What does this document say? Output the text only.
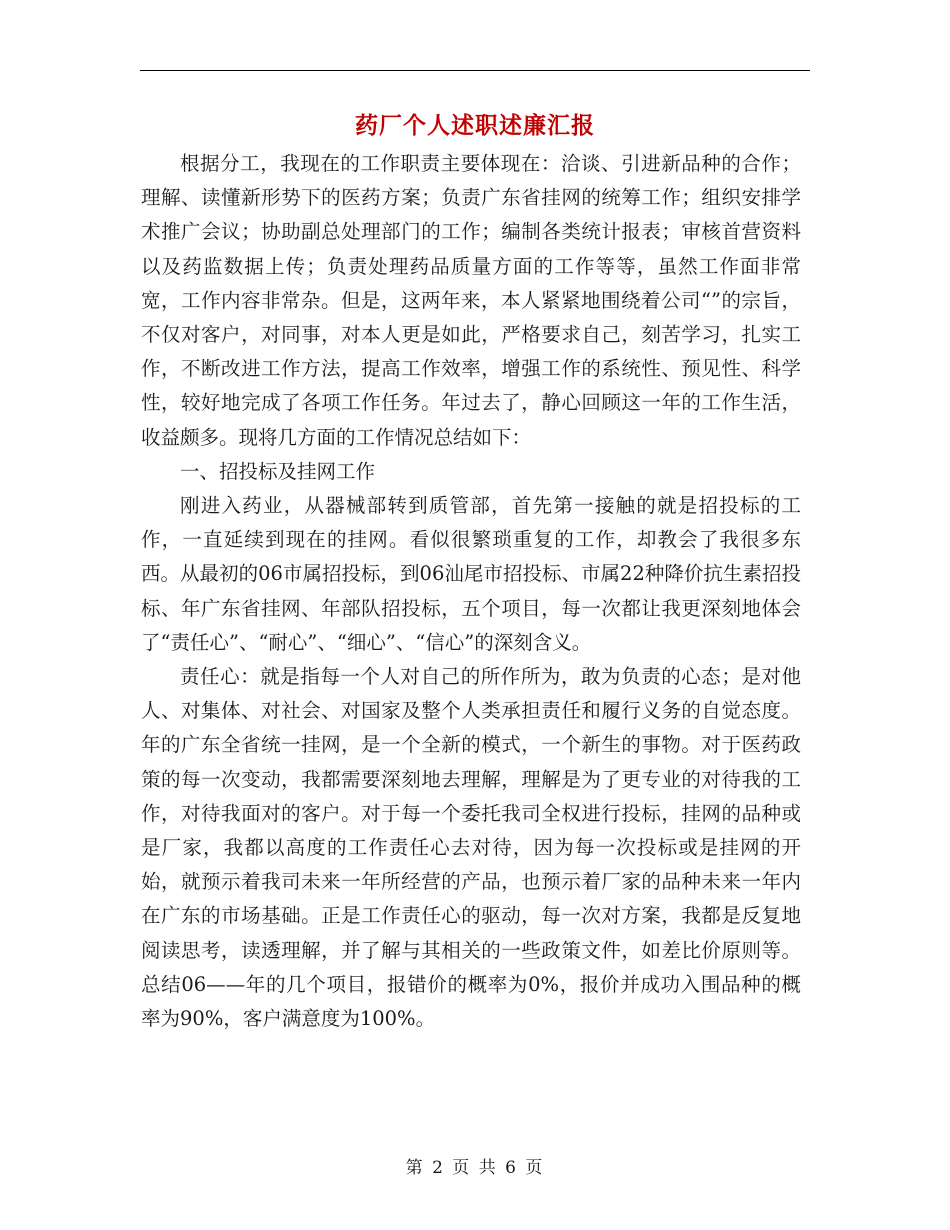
药厂个人述职述廉汇报

根据分工，我现在的工作职责主要体现在：洽谈、引进新品种的合作；理解、读懂新形势下的医药方案；负责广东省挂网的统筹工作；组织安排学术推广会议；协助副总处理部门的工作；编制各类统计报表；审核首营资料以及药监数据上传；负责处理药品质量方面的工作等等，虽然工作面非常宽，工作内容非常杂。但是，这两年来，本人紧紧地围绕着公司“”的宗旨，不仅对客户，对同事，对本人更是如此，严格要求自己，刻苦学习，扎实工作，不断改进工作方法，提高工作效率，增强工作的系统性、预见性、科学性，较好地完成了各项工作任务。年过去了，静心回顾这一年的工作生活，收益颇多。现将几方面的工作情况总结如下：

一、招投标及挂网工作

刚进入药业，从器械部转到质管部，首先第一接触的就是招投标的工作，一直延续到现在的挂网。看似很繁琐重复的工作，却教会了我很多东西。从最初的06市属招投标，到06汕尾市招投标、市属22种降价抗生素招投标、年广东省挂网、年部队招投标，五个项目，每一次都让我更深刻地体会了“责任心”、“耐心”、“细心”、“信心”的深刻含义。

责任心：就是指每一个人对自己的所作所为，敢为负责的心态；是对他人、对集体、对社会、对国家及整个人类承担责任和履行义务的自觉态度。年的广东全省统一挂网，是一个全新的模式，一个新生的事物。对于医药政策的每一次变动，我都需要深刻地去理解，理解是为了更专业的对待我的工作，对待我面对的客户。对于每一个委托我司全权进行投标，挂网的品种或是厂家，我都以高度的工作责任心去对待，因为每一次投标或是挂网的开始，就预示着我司未来一年所经营的产品，也预示着厂家的品种未来一年内在广东的市场基础。正是工作责任心的驱动，每一次对方案，我都是反复地阅读思考，读透理解，并了解与其相关的一些政策文件，如差比价原则等。总结06——年的几个项目，报错价的概率为0%，报价并成功入围品种的概率为90%，客户满意度为100%。

第 2 页 共 6 页
